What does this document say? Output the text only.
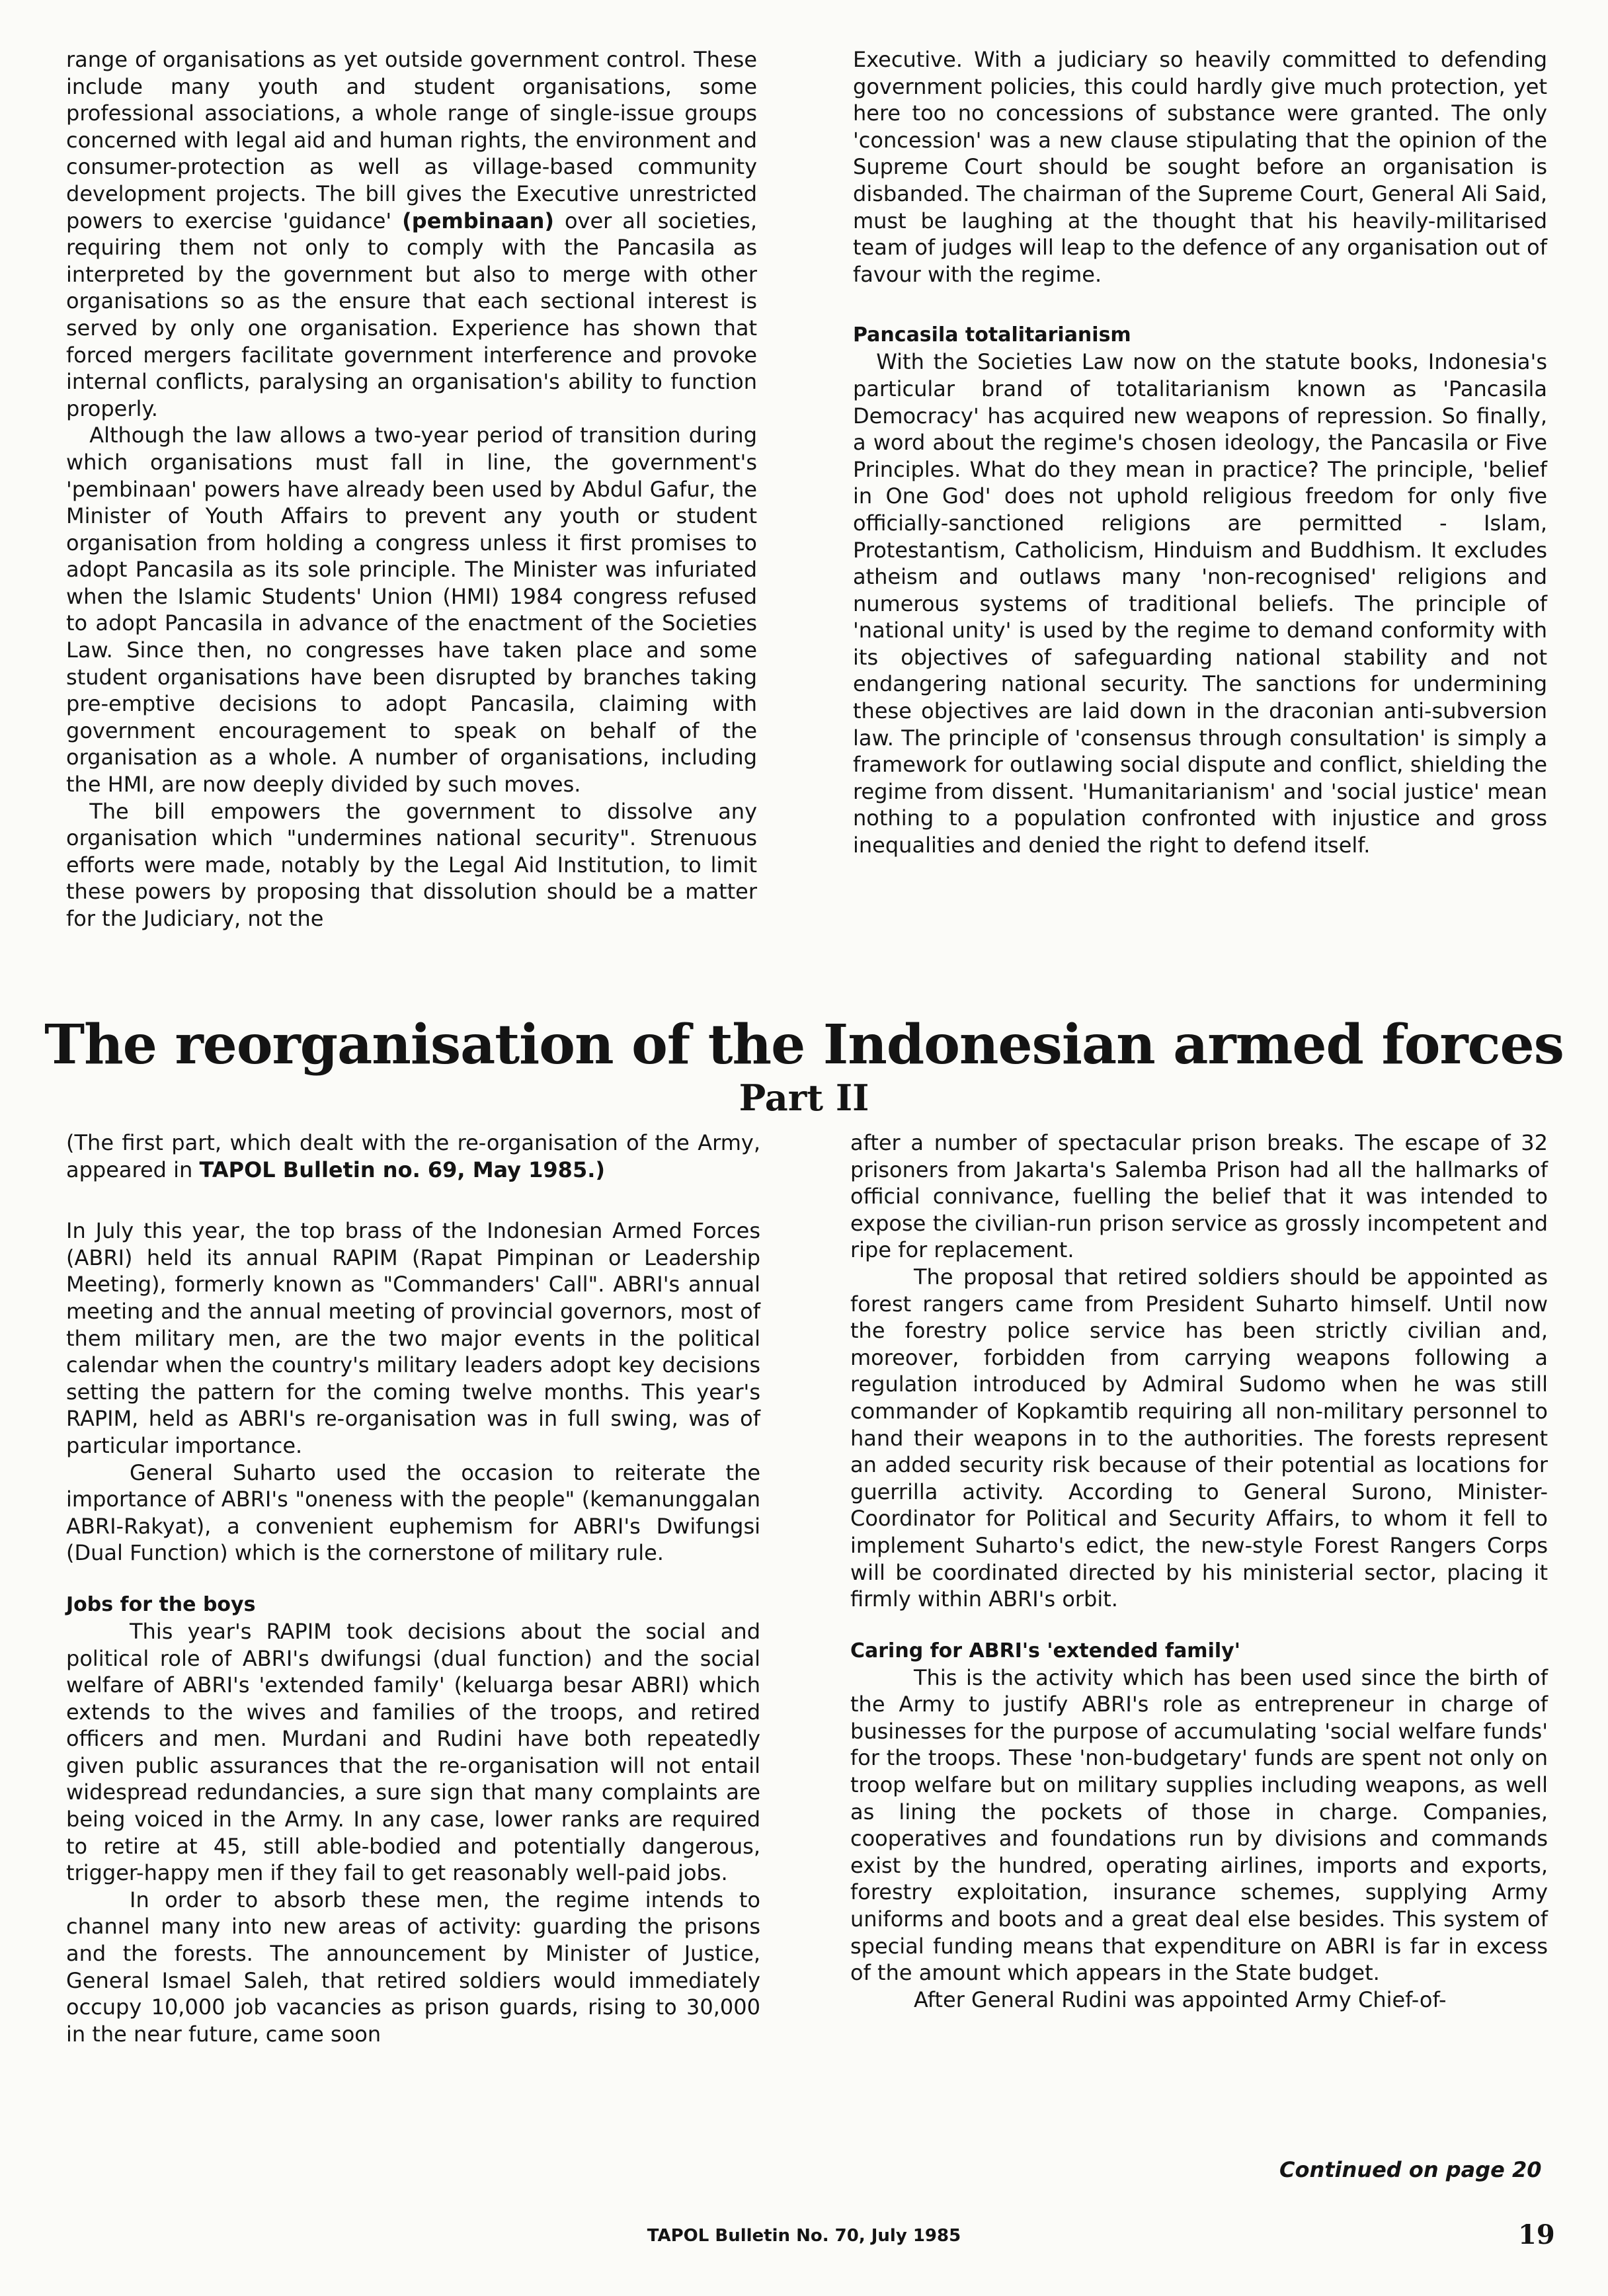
range of organisations as yet outside government control. These include many youth and student organisations, some professional associations, a whole range of single-issue groups concerned with legal aid and human rights, the environment and consumer-protection as well as village-based community development projects. The bill gives the Executive unrestricted powers to exercise 'guidance' (pembinaan) over all societies, requiring them not only to comply with the Pancasila as interpreted by the government but also to merge with other organisations so as the ensure that each sectional interest is served by only one organisation. Experience has shown that forced mergers facilitate government interference and provoke internal conflicts, paralysing an organisation's ability to function properly.

Although the law allows a two-year period of transition during which organisations must fall in line, the government's 'pembinaan' powers have already been used by Abdul Gafur, the Minister of Youth Affairs to prevent any youth or student organisation from holding a congress unless it first promises to adopt Pancasila as its sole principle. The Minister was infuriated when the Islamic Students' Union (HMI) 1984 congress refused to adopt Pancasila in advance of the enactment of the Societies Law. Since then, no congresses have taken place and some student organisations have been disrupted by branches taking pre-emptive decisions to adopt Pancasila, claiming with government encouragement to speak on behalf of the organisation as a whole. A number of organisations, including the HMI, are now deeply divided by such moves.

The bill empowers the government to dissolve any organisation which "undermines national security". Strenuous efforts were made, notably by the Legal Aid Institution, to limit these powers by proposing that dissolution should be a matter for the Judiciary, not the

Executive. With a judiciary so heavily committed to defending government policies, this could hardly give much protection, yet here too no concessions of substance were granted. The only 'concession' was a new clause stipulating that the opinion of the Supreme Court should be sought before an organisation is disbanded. The chairman of the Supreme Court, General Ali Said, must be laughing at the thought that his heavily-militarised team of judges will leap to the defence of any organisation out of favour with the regime.

Pancasila totalitarianism

With the Societies Law now on the statute books, Indonesia's particular brand of totalitarianism known as 'Pancasila Democracy' has acquired new weapons of repression. So finally, a word about the regime's chosen ideology, the Pancasila or Five Principles. What do they mean in practice? The principle, 'belief in One God' does not uphold religious freedom for only five officially-sanctioned religions are permitted - Islam, Protestantism, Catholicism, Hinduism and Buddhism. It excludes atheism and outlaws many 'non-recognised' religions and numerous systems of traditional beliefs. The principle of 'national unity' is used by the regime to demand conformity with its objectives of safeguarding national stability and not endangering national security. The sanctions for undermining these objectives are laid down in the draconian anti-subversion law. The principle of 'consensus through consultation' is simply a framework for outlawing social dispute and conflict, shielding the regime from dissent. 'Humanitarianism' and 'social justice' mean nothing to a population confronted with injustice and gross inequalities and denied the right to defend itself.

The reorganisation of the Indonesian armed forces
Part II

(The first part, which dealt with the re-organisation of the Army, appeared in TAPOL Bulletin no. 69, May 1985.)

In July this year, the top brass of the Indonesian Armed Forces (ABRI) held its annual RAPIM (Rapat Pimpinan or Leadership Meeting), formerly known as "Commanders' Call". ABRI's annual meeting and the annual meeting of provincial governors, most of them military men, are the two major events in the political calendar when the country's military leaders adopt key decisions setting the pattern for the coming twelve months. This year's RAPIM, held as ABRI's re-organisation was in full swing, was of particular importance.

General Suharto used the occasion to reiterate the importance of ABRI's "oneness with the people" (kemanunggalan ABRI-Rakyat), a convenient euphemism for ABRI's Dwifungsi (Dual Function) which is the cornerstone of military rule.

Jobs for the boys

This year's RAPIM took decisions about the social and political role of ABRI's dwifungsi (dual function) and the social welfare of ABRI's 'extended family' (keluarga besar ABRI) which extends to the wives and families of the troops, and retired officers and men. Murdani and Rudini have both repeatedly given public assurances that the re-organisation will not entail widespread redundancies, a sure sign that many complaints are being voiced in the Army. In any case, lower ranks are required to retire at 45, still able-bodied and potentially dangerous, trigger-happy men if they fail to get reasonably well-paid jobs.

In order to absorb these men, the regime intends to channel many into new areas of activity: guarding the prisons and the forests. The announcement by Minister of Justice, General Ismael Saleh, that retired soldiers would immediately occupy 10,000 job vacancies as prison guards, rising to 30,000 in the near future, came soon

after a number of spectacular prison breaks. The escape of 32 prisoners from Jakarta's Salemba Prison had all the hallmarks of official connivance, fuelling the belief that it was intended to expose the civilian-run prison service as grossly incompetent and ripe for replacement.

The proposal that retired soldiers should be appointed as forest rangers came from President Suharto himself. Until now the forestry police service has been strictly civilian and, moreover, forbidden from carrying weapons following a regulation introduced by Admiral Sudomo when he was still commander of Kopkamtib requiring all non-military personnel to hand their weapons in to the authorities. The forests represent an added security risk because of their potential as locations for guerrilla activity. According to General Surono, Minister-Coordinator for Political and Security Affairs, to whom it fell to implement Suharto's edict, the new-style Forest Rangers Corps will be coordinated directed by his ministerial sector, placing it firmly within ABRI's orbit.

Caring for ABRI's 'extended family'

This is the activity which has been used since the birth of the Army to justify ABRI's role as entrepreneur in charge of businesses for the purpose of accumulating 'social welfare funds' for the troops. These 'non-budgetary' funds are spent not only on troop welfare but on military supplies including weapons, as well as lining the pockets of those in charge. Companies, cooperatives and foundations run by divisions and commands exist by the hundred, operating airlines, imports and exports, forestry exploitation, insurance schemes, supplying Army uniforms and boots and a great deal else besides. This system of special funding means that expenditure on ABRI is far in excess of the amount which appears in the State budget.

After General Rudini was appointed Army Chief-of-

Continued on page 20
TAPOL Bulletin No. 70, July 1985	19
